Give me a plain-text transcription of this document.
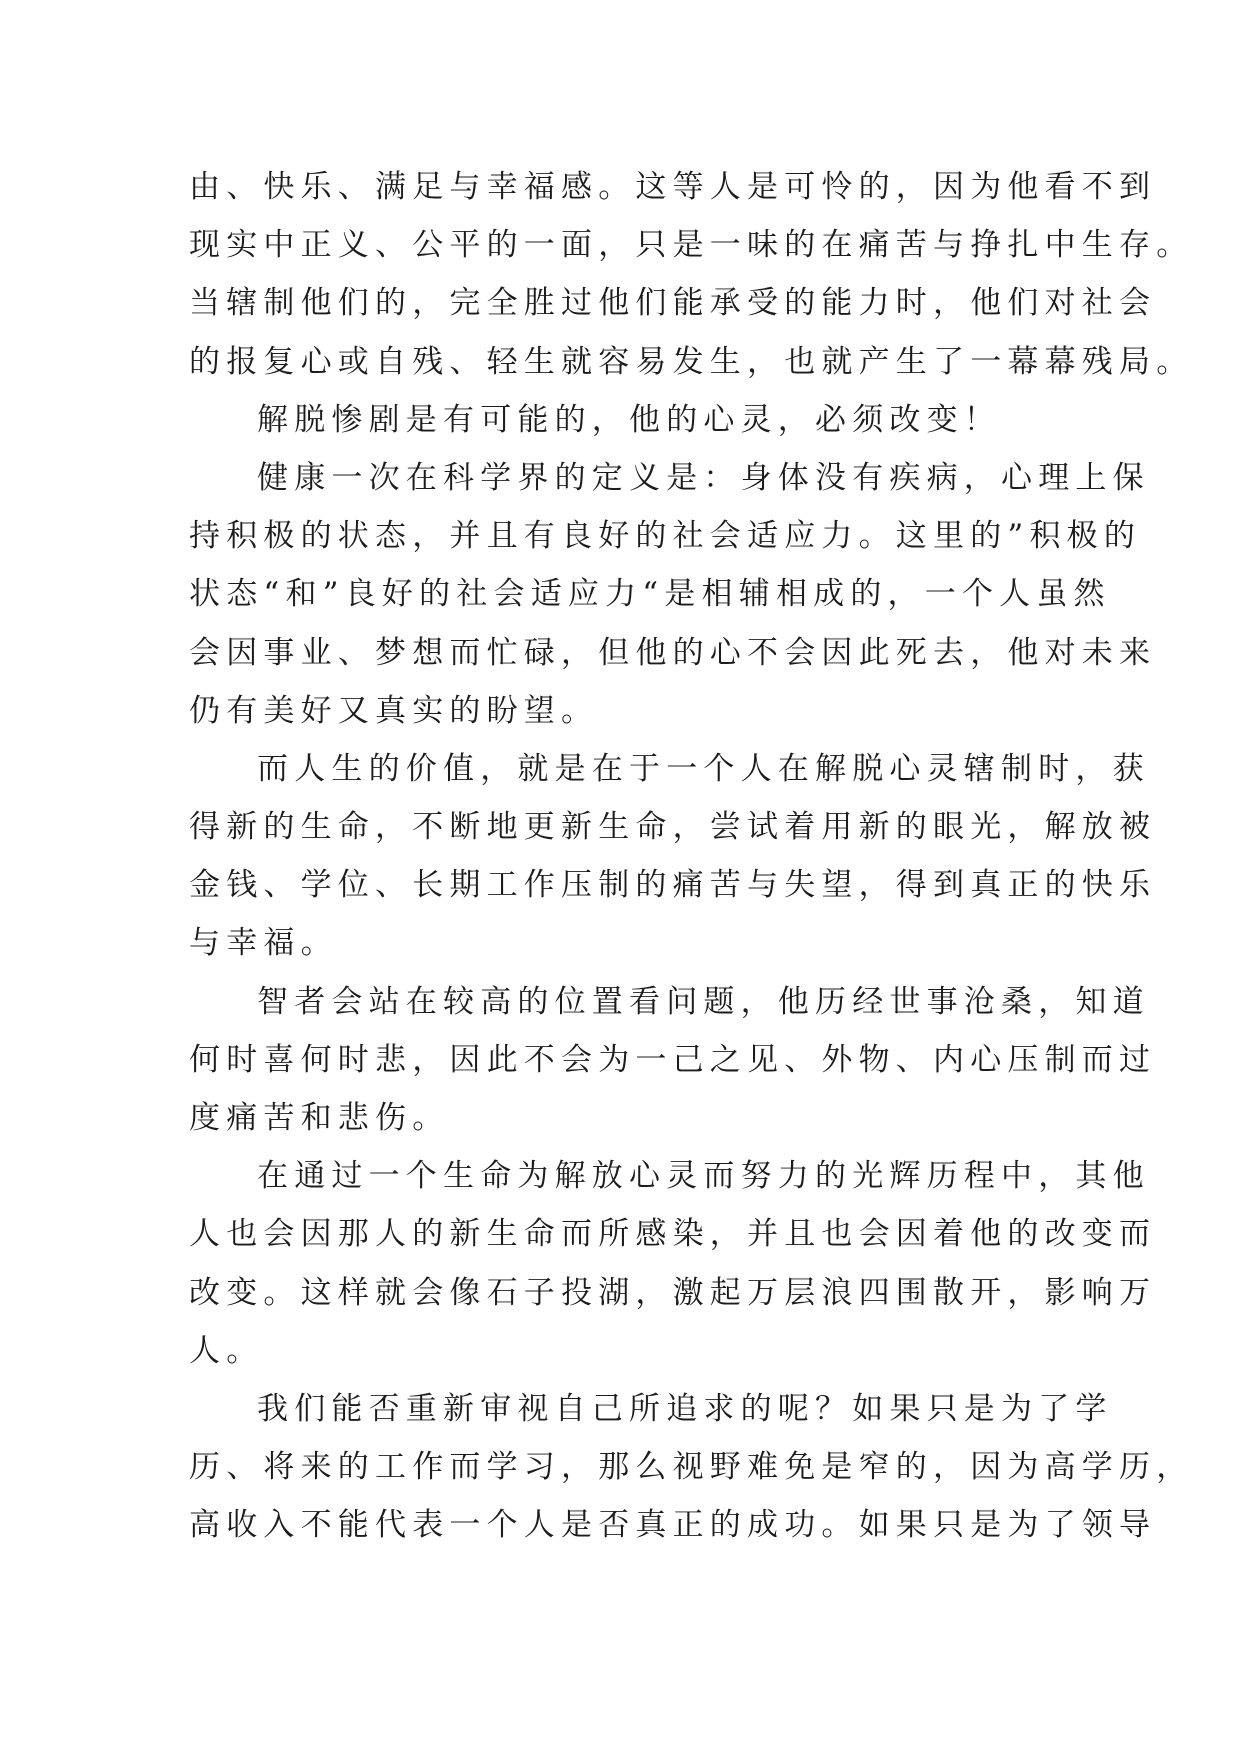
由、快乐、满足与幸福感。这等人是可怜的，因为他看不到
现实中正义、公平的一面，只是一味的在痛苦与挣扎中生存。
当辖制他们的，完全胜过他们能承受的能力时，他们对社会
的报复心或自残、轻生就容易发生，也就产生了一幕幕残局。
解脱惨剧是有可能的，他的心灵，必须改变！
健康一次在科学界的定义是：身体没有疾病，心理上保
持积极的状态，并且有良好的社会适应力。这里的”积极的
状态“和”良好的社会适应力“是相辅相成的，一个人虽然
会因事业、梦想而忙碌，但他的心不会因此死去，他对未来
仍有美好又真实的盼望。
而人生的价值，就是在于一个人在解脱心灵辖制时，获
得新的生命，不断地更新生命，尝试着用新的眼光，解放被
金钱、学位、长期工作压制的痛苦与失望，得到真正的快乐
与幸福。
智者会站在较高的位置看问题，他历经世事沧桑，知道
何时喜何时悲，因此不会为一己之见、外物、内心压制而过
度痛苦和悲伤。
在通过一个生命为解放心灵而努力的光辉历程中，其他
人也会因那人的新生命而所感染，并且也会因着他的改变而
改变。这样就会像石子投湖，激起万层浪四围散开，影响万
人。
我们能否重新审视自己所追求的呢？如果只是为了学
历、将来的工作而学习，那么视野难免是窄的，因为高学历，
高收入不能代表一个人是否真正的成功。如果只是为了领导
